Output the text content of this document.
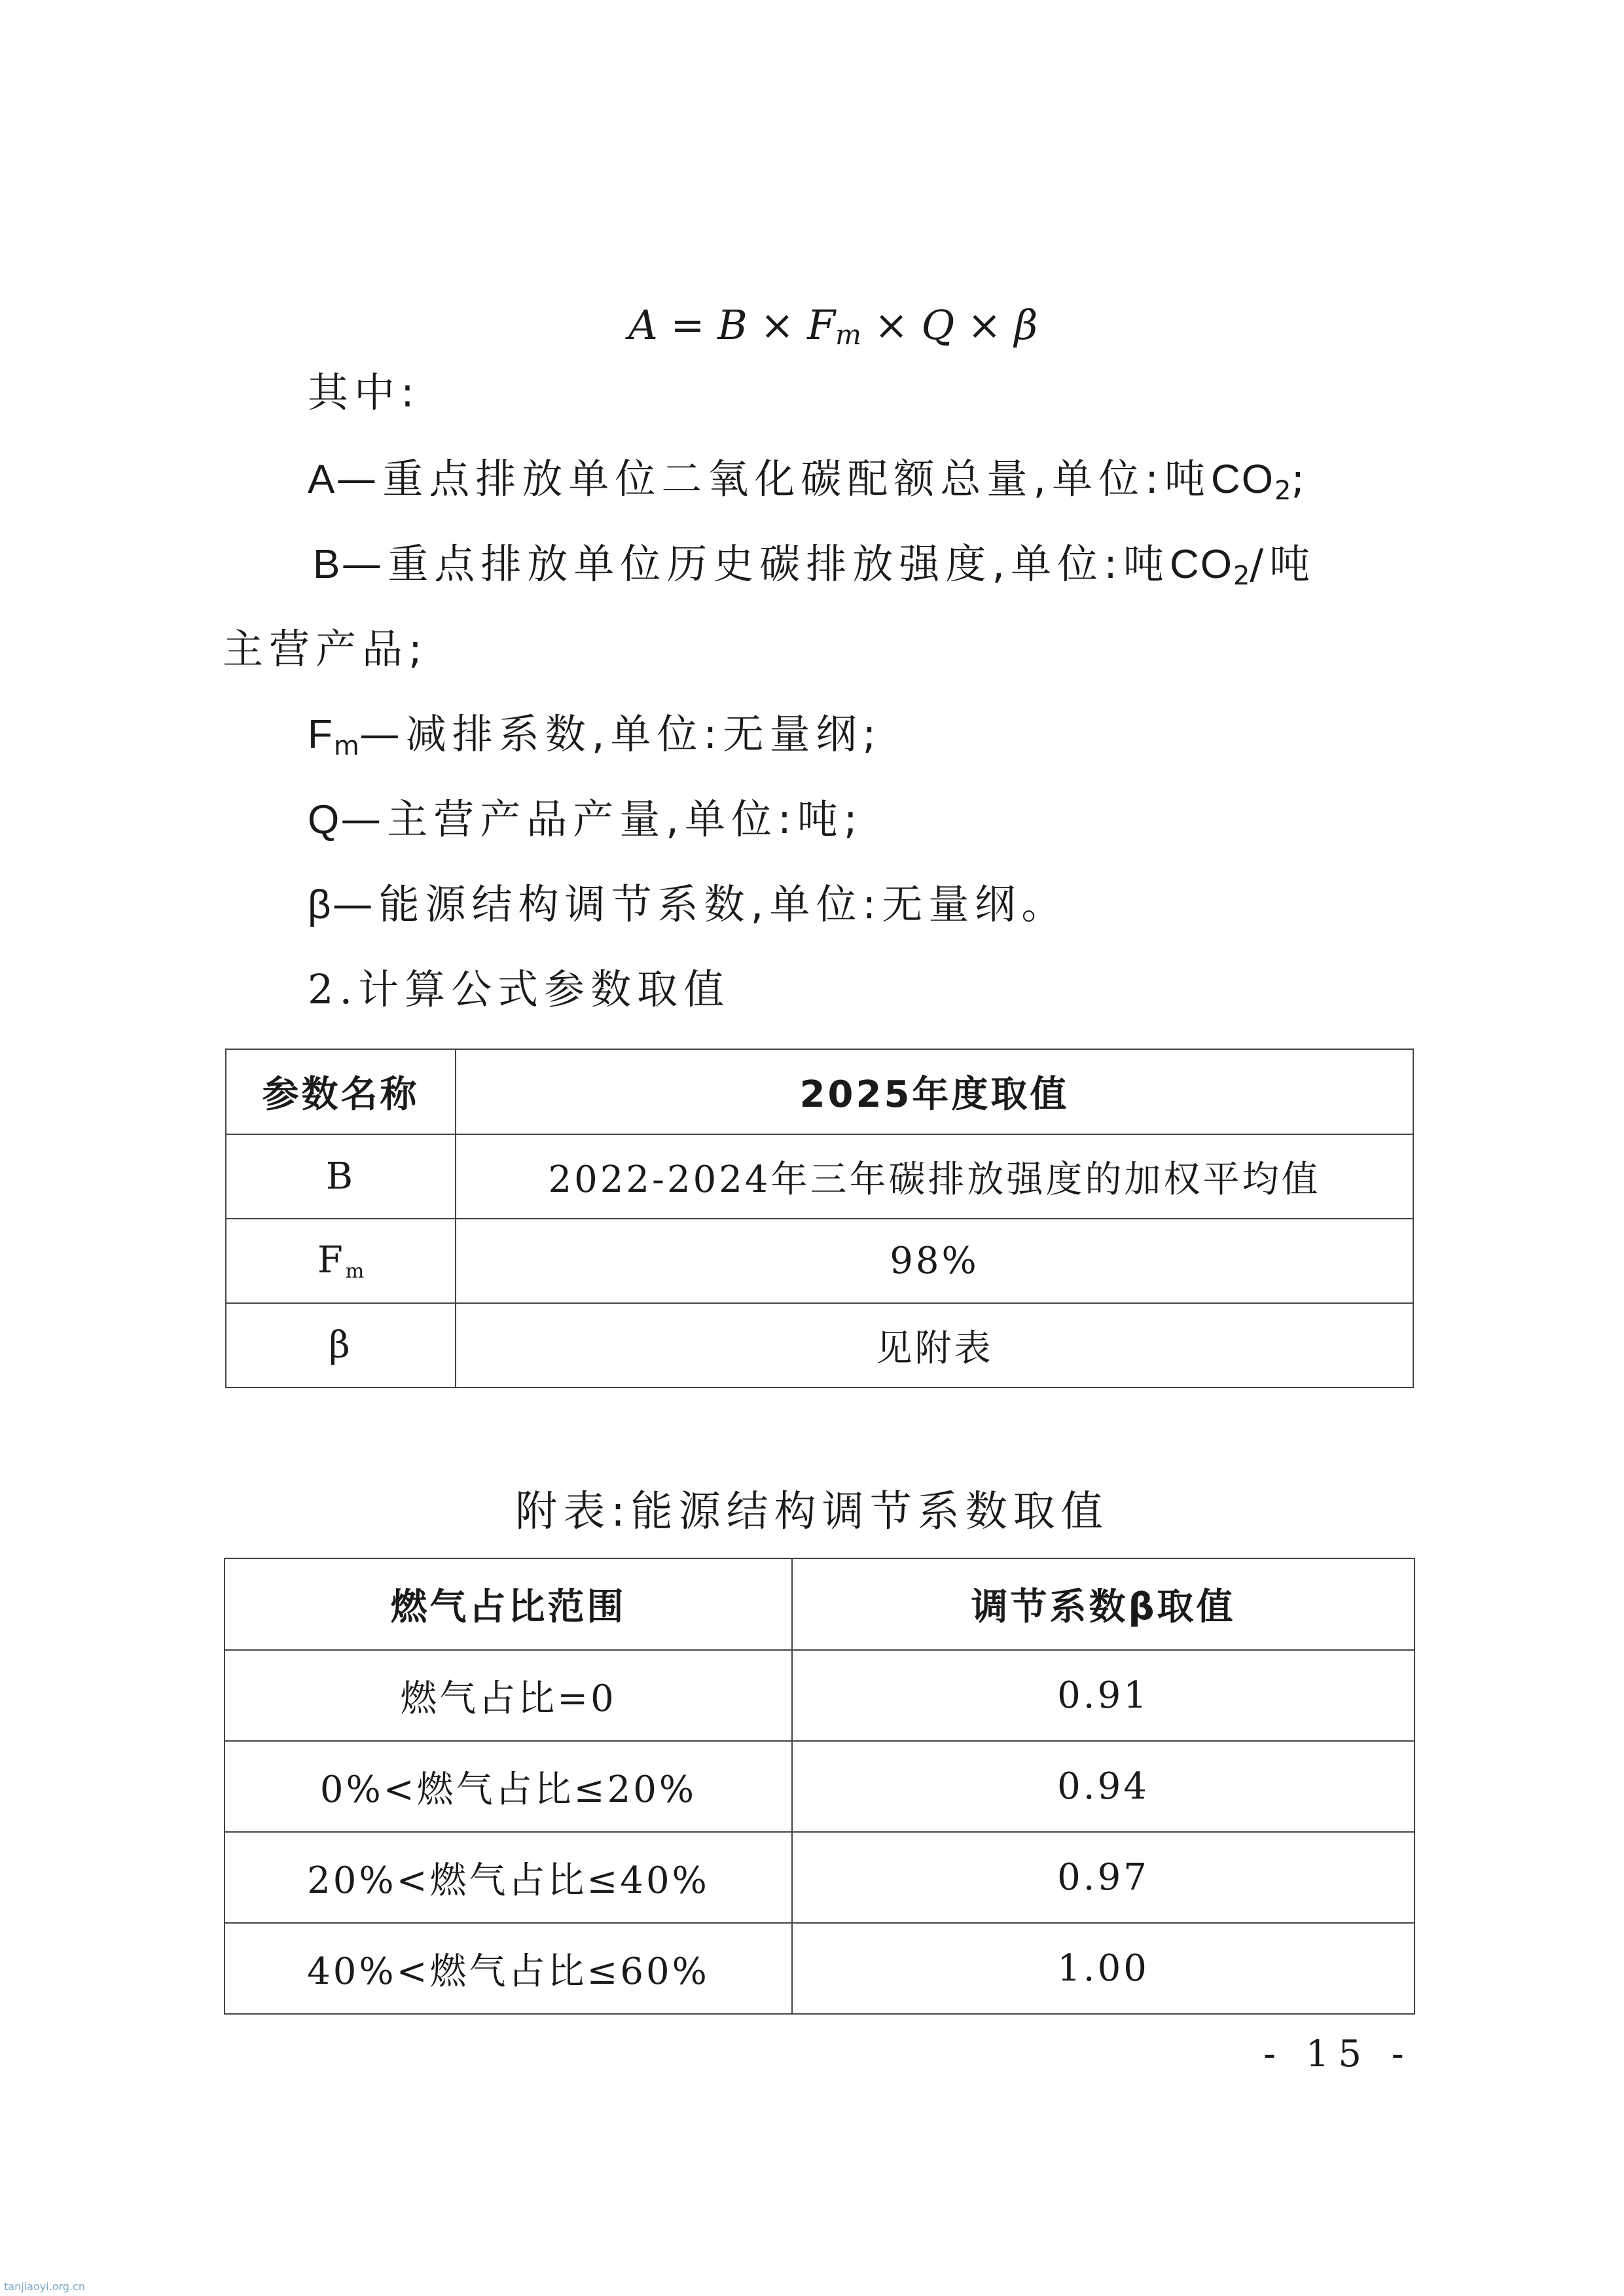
$A = B \times F_m \times Q \times \beta$
其中:
A—重点排放单位二氧化碳配额总量,单位:吨$CO_2$;
B—重点排放单位历史碳排放强度,单位:吨$CO_2/$吨
主营产品;
$F_m—$减排系数,单位:无量纲;
Q—主营产品产量,单位:吨;
β—能源结构调节系数,单位:无量纲。
2.计算公式参数取值
参数名称	2025年度取值
B	2022-2024年三年碳排放强度的加权平均值
$F_m$	98%
β	见附表
附表:能源结构调节系数取值
燃气占比范围	调节系数β取值
燃气占比=0	0.91
0%<燃气占比≤20%	0.94
20%<燃气占比≤40%	0.97
40%<燃气占比≤60%	1.00
- 15 -
tanjiaoyi.org.cn
